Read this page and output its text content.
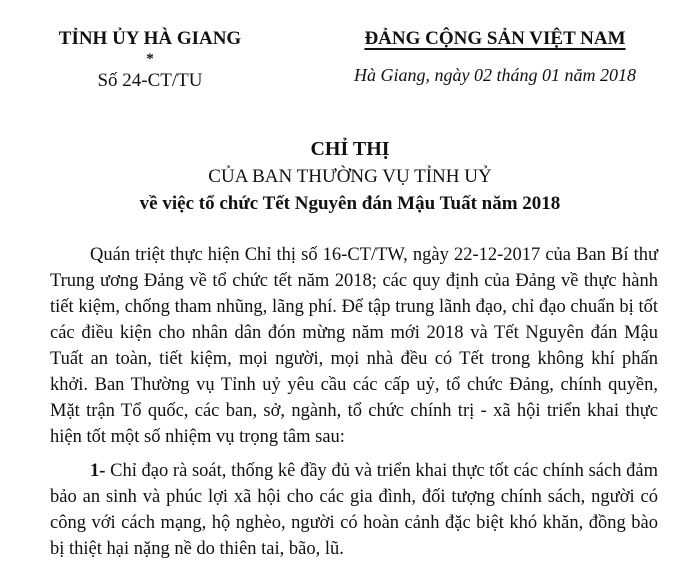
TỈNH ỦY HÀ GIANG
*
Số 24-CT/TU
ĐẢNG CỘNG SẢN VIỆT NAM
Hà Giang, ngày 02 tháng 01 năm 2018
CHỈ THỊ
CỦA BAN THƯỜNG VỤ TỈNH UỶ
về việc tổ chức Tết Nguyên đán Mậu Tuất năm 2018

Quán triệt thực hiện Chỉ thị số 16-CT/TW, ngày 22-12-2017 của Ban Bí thư Trung ương Đảng về tổ chức tết năm 2018; các quy định của Đảng về thực hành tiết kiệm, chống tham nhũng, lãng phí. Để tập trung lãnh đạo, chỉ đạo chuẩn bị tốt các điều kiện cho nhân dân đón mừng năm mới 2018 và Tết Nguyên đán Mậu Tuất an toàn, tiết kiệm, mọi người, mọi nhà đều có Tết trong không khí phấn khởi. Ban Thường vụ Tỉnh uỷ yêu cầu các cấp uỷ, tổ chức Đảng, chính quyền, Mặt trận Tổ quốc, các ban, sở, ngành, tổ chức chính trị - xã hội triển khai thực hiện tốt một số nhiệm vụ trọng tâm sau:

1- Chỉ đạo rà soát, thống kê đầy đủ và triển khai thực tốt các chính sách đảm bảo an sinh và phúc lợi xã hội cho các gia đình, đối tượng chính sách, người có công với cách mạng, hộ nghèo, người có hoàn cảnh đặc biệt khó khăn, đồng bào bị thiệt hại nặng nề do thiên tai, bão, lũ.
